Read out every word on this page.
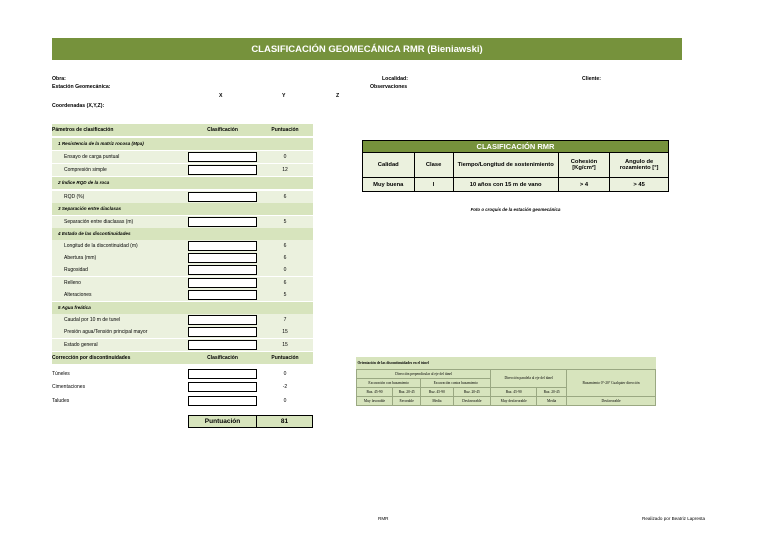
CLASIFICACIÓN GEOMECÁNICA RMR (Bieniawski)
Obra:
Estación Geomecánica:
Coordenadas (X,Y,Z):
X	Y	Z
Localidad:
Observaciones
Cliente:
Pámetros de clasificación	Clasificación	Puntuación
1 Resistencia de la matriz rocosa (Mpa)
Ensayo de carga puntual	0
Compresión simple	12
2 Índice RQD de la roca
RQD (%)	6
3 Separación entre diaclasas
Separación entre diaclasas (m)	5
4 Estado de las discontinuidades
Longitud de la discontinuidad (m)	6
Abertura (mm)	6
Rugosidad	0
Relleno	6
Alteraciones	5
5 Agua freática
Caudal por 10 m de tunel	7
Presión agua/Tensión principal mayor	15
Estado general	15
Corrección por discontinuidades	Clasificación	Puntuación
Túneles	0
Cimentaciones	-2
Taludes	0
Puntuación	81
CLASIFICACIÓN RMR				
Calidad	Clase	Tiempo/Longitud de sostenimiento	Cohesión [Kg/cm²]	Angulo de rozamiento [°]
Muy buena	I	10 años con 15 m de vano	> 4	> 45
Foto o croquis de la estación geomecánica
Orientación de las discontinuidades en el túnel						
Dirección perpendicular al eje del túnel				Dirección paralela al eje del túnel		Buzamiento 0°-20° Cualquier dirección
Excavación con buzamiento		Excavación contra buzamiento				
Buz. 45-90	Buz. 20-45	Buz. 45-90	Buz. 20-45	Buz. 45-90	Buz. 20-45	
Muy favorable	Favorable	Media	Desfavorable	Muy desfavorable	Media	Desfavorable
RMR	Realizado por Beatriz Lapresta
